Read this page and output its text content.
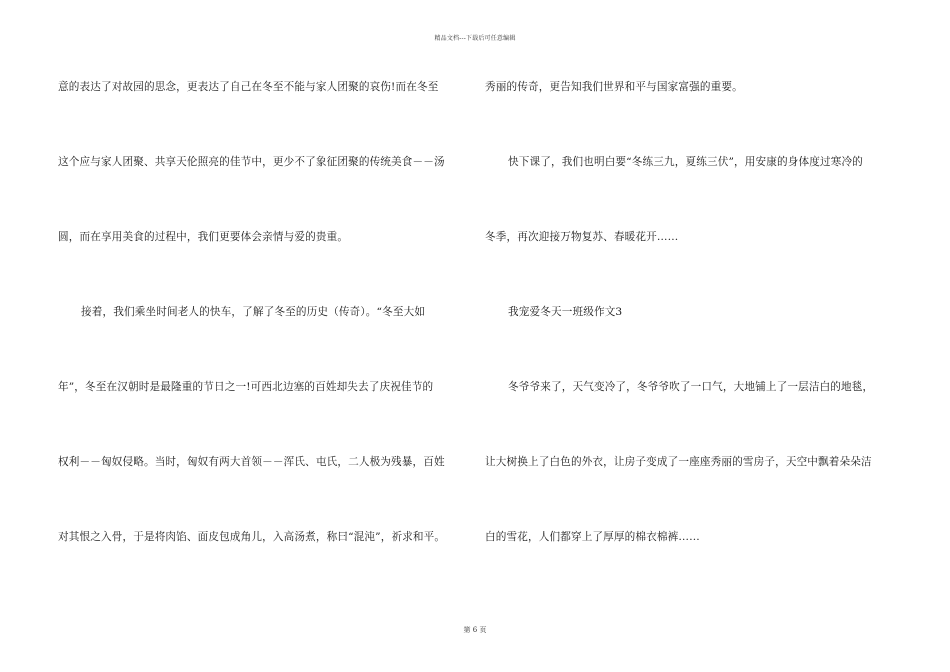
精品文档---下载后可任意编辑
意的表达了对故园的思念，更表达了自己在冬至不能与家人团聚的哀伤!而在冬至
这个应与家人团聚、共享天伦照亮的佳节中，更少不了象征团聚的传统美食－－汤
圆，而在享用美食的过程中，我们更要体会亲情与爱的贵重。
接着，我们乘坐时间老人的快车，了解了冬至的历史（传奇）。“冬至大如
年”，冬至在汉朝时是最隆重的节日之一!可西北边塞的百姓却失去了庆祝佳节的
权利－－匈奴侵略。当时，匈奴有两大首领－－浑氏、屯氏，二人极为残暴，百姓
对其恨之入骨，于是将肉馅、面皮包成角儿，入高汤煮，称曰“混沌”，祈求和平。
秀丽的传奇，更告知我们世界和平与国家富强的重要。
快下课了，我们也明白要“冬练三九，夏练三伏”，用安康的身体度过寒冷的
冬季，再次迎接万物复苏、春暖花开……
我宠爱冬天一班级作文3
冬爷爷来了，天气变冷了，冬爷爷吹了一口气，大地铺上了一层洁白的地毯，
让大树换上了白色的外衣，让房子变成了一座座秀丽的雪房子，天空中飘着朵朵洁
白的雪花，人们都穿上了厚厚的棉衣棉裤……
第 6 页
